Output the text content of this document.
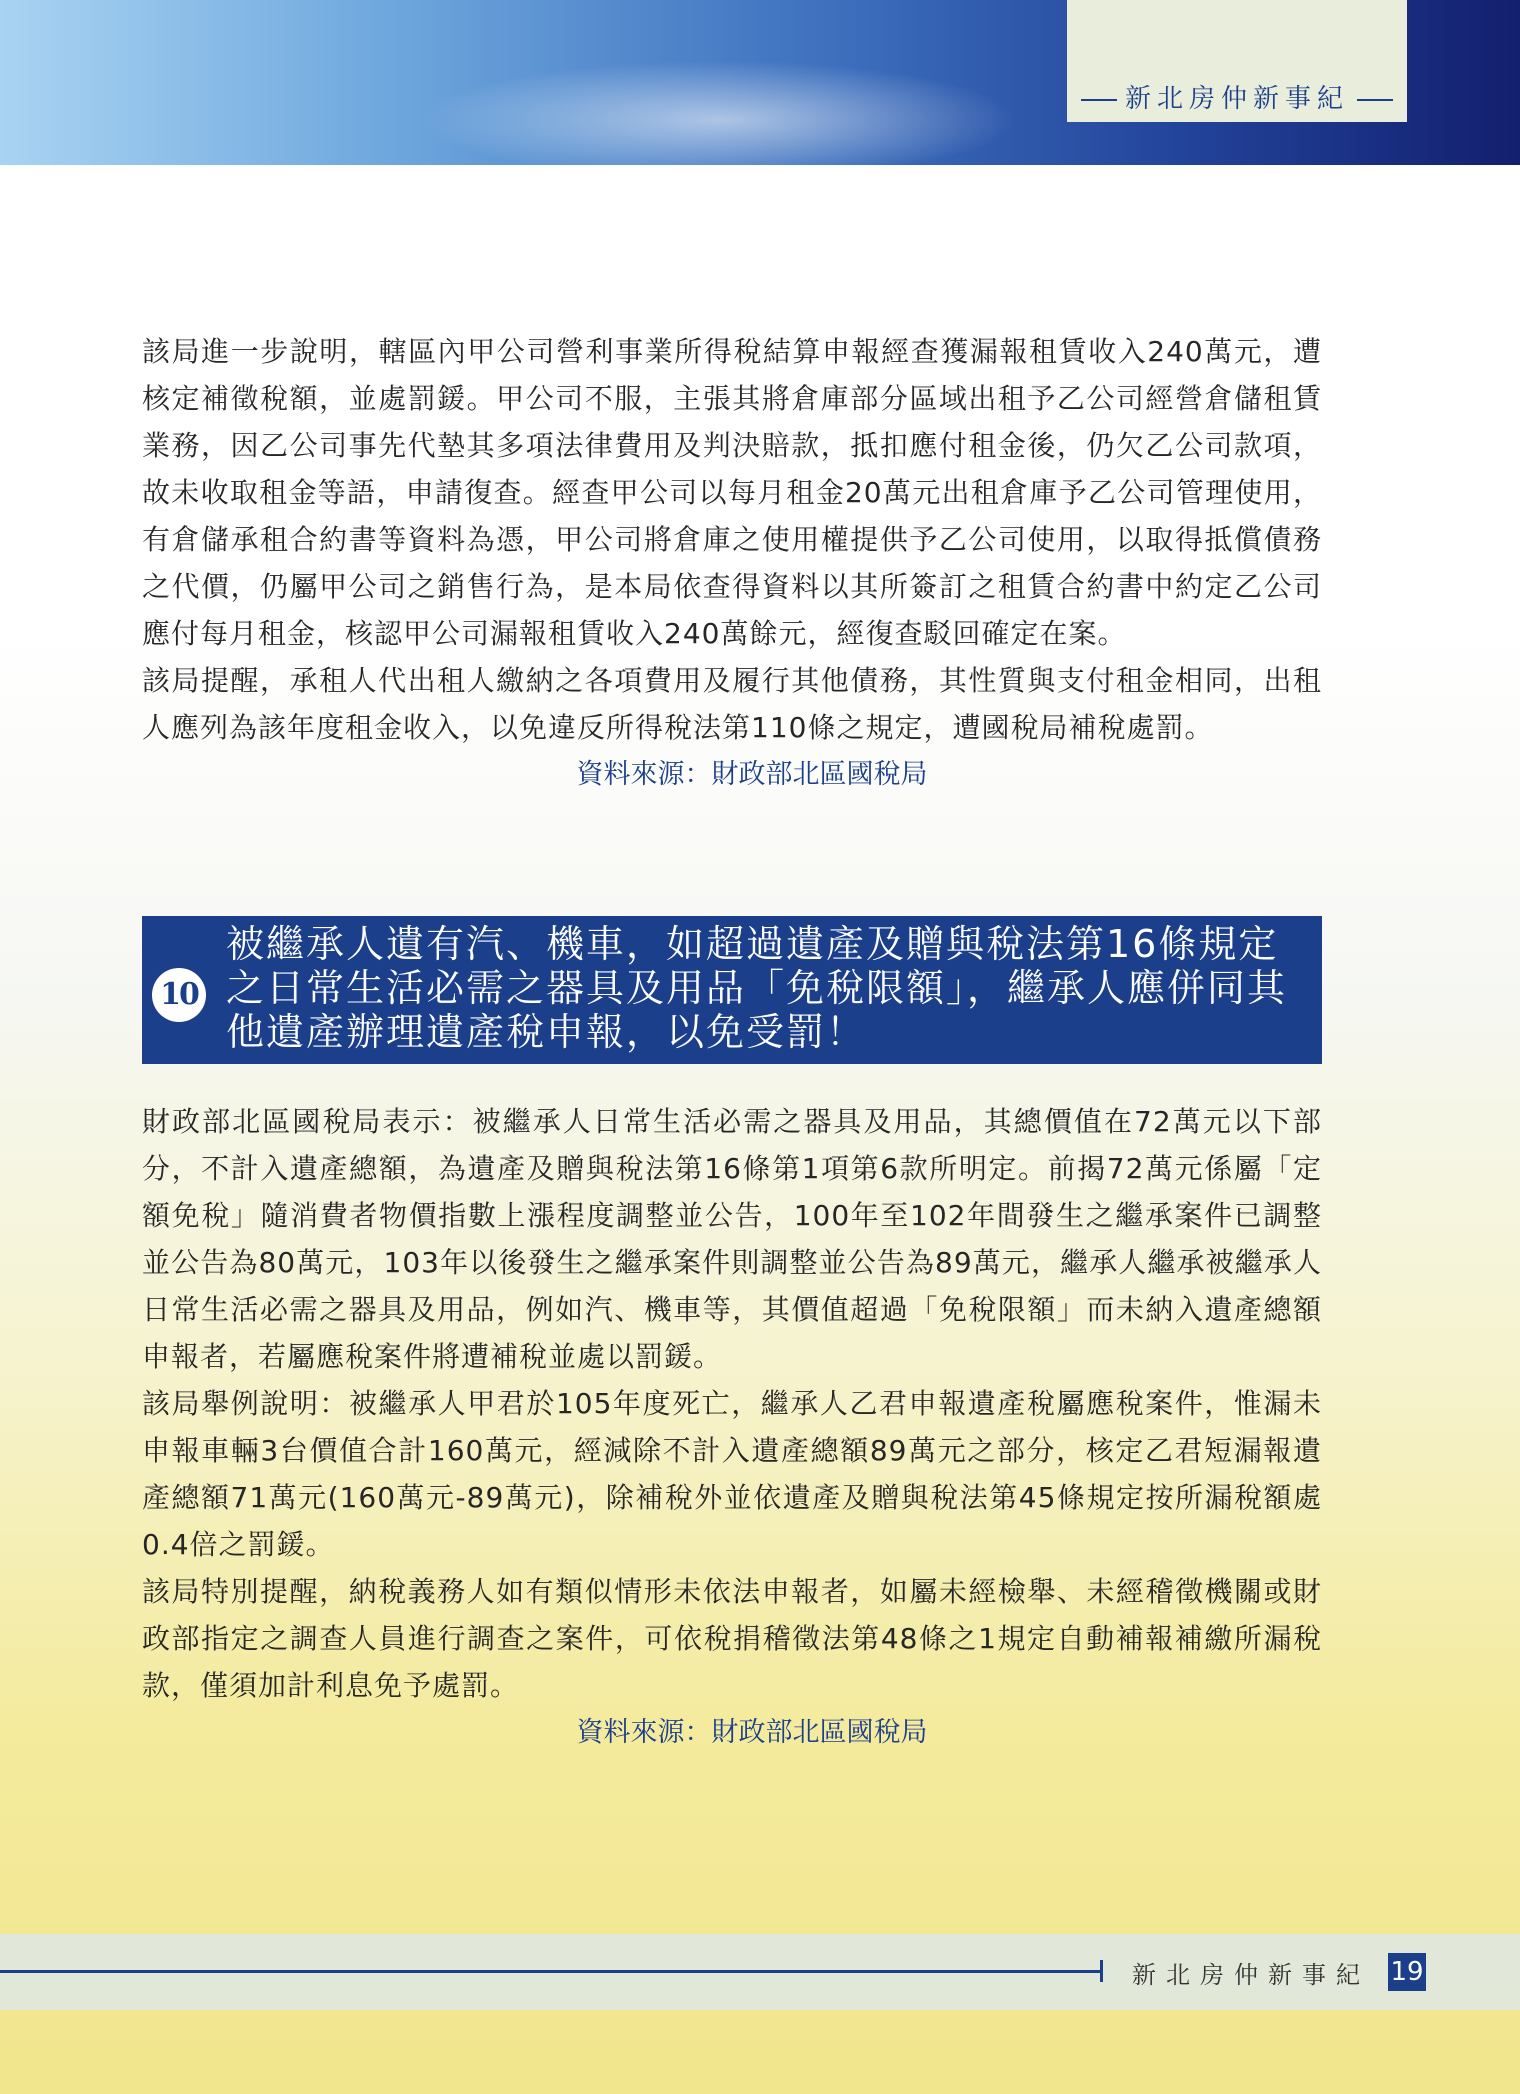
新北房仲新事紀

該局進一步說明，轄區內甲公司營利事業所得稅結算申報經查獲漏報租賃收入240萬元，遭核定補徵稅額，並處罰鍰。甲公司不服，主張其將倉庫部分區域出租予乙公司經營倉儲租賃業務，因乙公司事先代墊其多項法律費用及判決賠款，抵扣應付租金後，仍欠乙公司款項，故未收取租金等語，申請復查。經查甲公司以每月租金20萬元出租倉庫予乙公司管理使用，有倉儲承租合約書等資料為憑，甲公司將倉庫之使用權提供予乙公司使用，以取得抵償債務之代價，仍屬甲公司之銷售行為，是本局依查得資料以其所簽訂之租賃合約書中約定乙公司應付每月租金，核認甲公司漏報租賃收入240萬餘元，經復查駁回確定在案。

該局提醒，承租人代出租人繳納之各項費用及履行其他債務，其性質與支付租金相同，出租人應列為該年度租金收入，以免違反所得稅法第110條之規定，遭國稅局補稅處罰。

資料來源：財政部北區國稅局
10
被繼承人遺有汽、機車，如超過遺產及贈與稅法第16條規定之日常生活必需之器具及用品「免稅限額」，繼承人應併同其他遺產辦理遺產稅申報，以免受罰！

財政部北區國稅局表示：被繼承人日常生活必需之器具及用品，其總價值在72萬元以下部分，不計入遺產總額，為遺產及贈與稅法第16條第1項第6款所明定。前揭72萬元係屬「定額免稅」隨消費者物價指數上漲程度調整並公告，100年至102年間發生之繼承案件已調整並公告為80萬元，103年以後發生之繼承案件則調整並公告為89萬元，繼承人繼承被繼承人日常生活必需之器具及用品，例如汽、機車等，其價值超過「免稅限額」而未納入遺產總額申報者，若屬應稅案件將遭補稅並處以罰鍰。

該局舉例說明：被繼承人甲君於105年度死亡，繼承人乙君申報遺產稅屬應稅案件，惟漏未申報車輛3台價值合計160萬元，經減除不計入遺產總額89萬元之部分，核定乙君短漏報遺產總額71萬元(160萬元-89萬元)，除補稅外並依遺產及贈與稅法第45條規定按所漏稅額處0.4倍之罰鍰。

該局特別提醒，納稅義務人如有類似情形未依法申報者，如屬未經檢舉、未經稽徵機關或財政部指定之調查人員進行調查之案件，可依稅捐稽徵法第48條之1規定自動補報補繳所漏稅款，僅須加計利息免予處罰。

資料來源：財政部北區國稅局
新北房仲新事紀 19
